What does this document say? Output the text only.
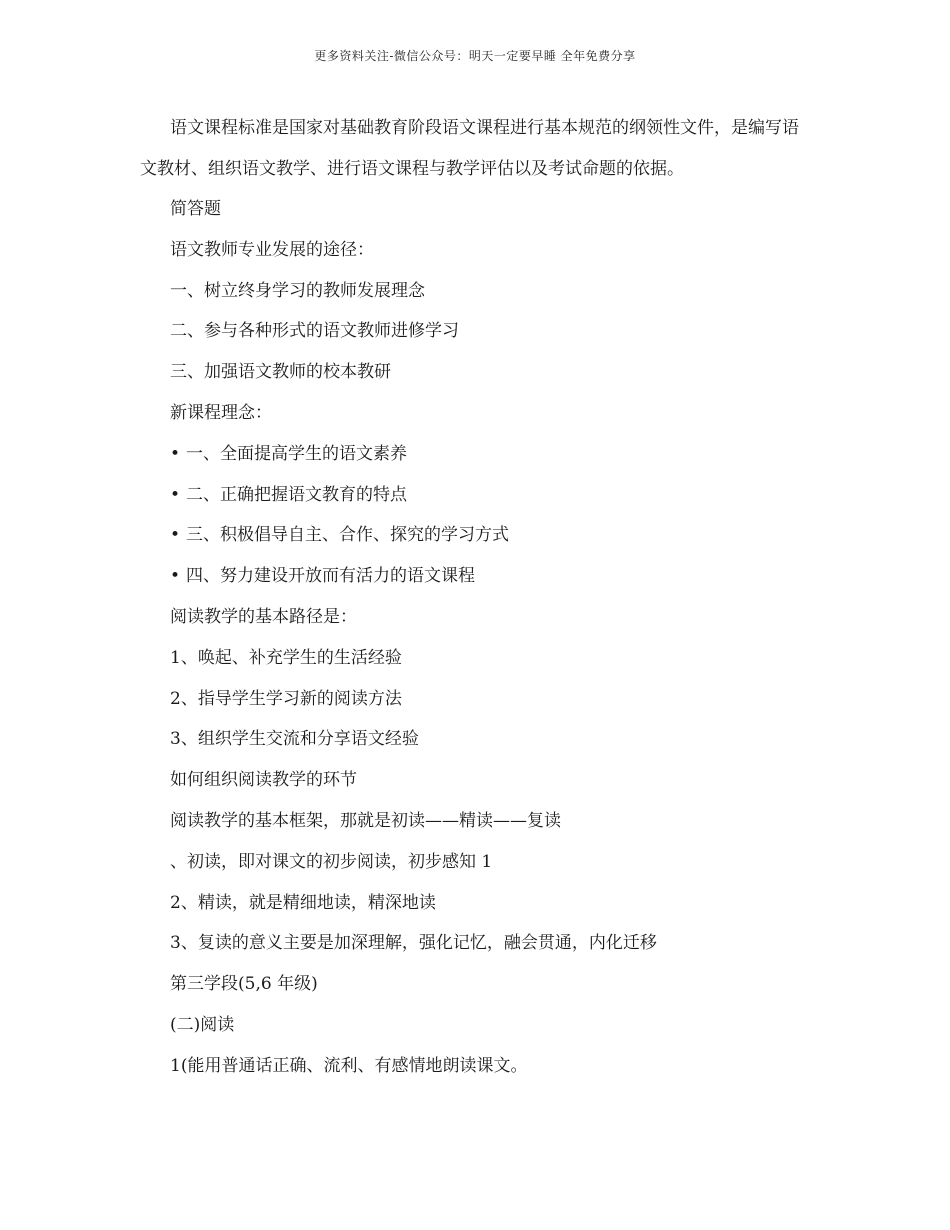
更多资料关注-微信公众号：明天一定要早睡 全年免费分享

语文课程标准是国家对基础教育阶段语文课程进行基本规范的纲领性文件，是编写语文教材、组织语文教学、进行语文课程与教学评估以及考试命题的依据。

简答题
语文教师专业发展的途径：
一、树立终身学习的教师发展理念
二、参与各种形式的语文教师进修学习
三、加强语文教师的校本教研
新课程理念：
• 一、全面提高学生的语文素养
• 二、正确把握语文教育的特点
• 三、积极倡导自主、合作、探究的学习方式
• 四、努力建设开放而有活力的语文课程
阅读教学的基本路径是：
1、唤起、补充学生的生活经验
2、指导学生学习新的阅读方法
3、组织学生交流和分享语文经验
如何组织阅读教学的环节
阅读教学的基本框架，那就是初读——精读——复读
、初读，即对课文的初步阅读，初步感知 1
2、精读，就是精细地读，精深地读
3、复读的意义主要是加深理解，强化记忆，融会贯通，内化迁移
第三学段(5,6 年级)
(二)阅读
1(能用普通话正确、流利、有感情地朗读课文。
